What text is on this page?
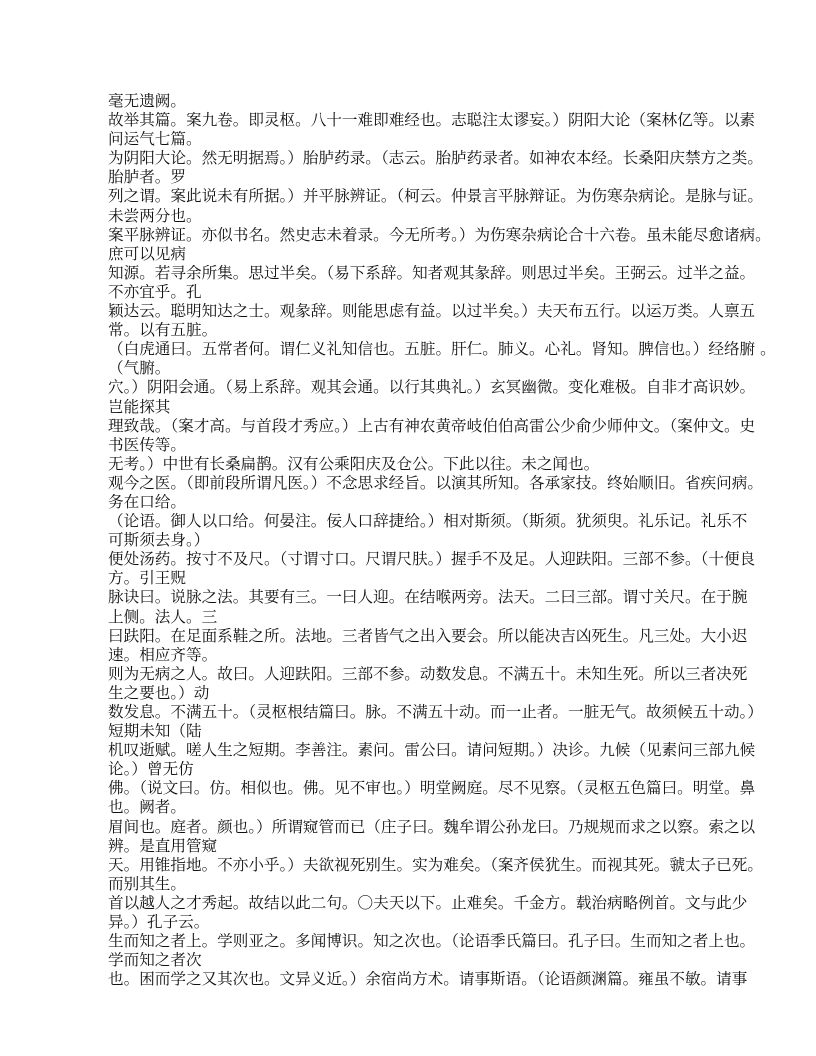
毫无遗阙。
故举其篇。案九卷。即灵枢。八十一难即难经也。志聪注太谬妄。）阴阳大论（案林亿等。以素
问运气七篇。
为阴阳大论。然无明据焉。）胎胪药录。（志云。胎胪药录者。如神农本经。长桑阳庆禁方之类。
胎胪者。罗
列之谓。案此说未有所据。）并平脉辨证。（柯云。仲景言平脉辩证。为伤寒杂病论。是脉与证。
未尝两分也。
案平脉辨证。亦似书名。然史志未着录。今无所考。）为伤寒杂病论合十六卷。虽未能尽愈诸病。
庶可以见病
知源。若寻余所集。思过半矣。（易下系辞。知者观其彖辞。则思过半矣。王弼云。过半之益。
不亦宜乎。孔
颖达云。聪明知达之士。观彖辞。则能思虑有益。以过半矣。）夫天布五行。以运万类。人禀五
常。以有五脏。
（白虎通曰。五常者何。谓仁义礼知信也。五脏。肝仁。肺义。心礼。肾知。脾信也。）经络腑 。
（气腑。
穴。）阴阳会通。（易上系辞。观其会通。以行其典礼。）玄冥幽微。变化难极。自非才高识妙。
岂能探其
理致哉。（案才高。与首段才秀应。）上古有神农黄帝岐伯伯高雷公少俞少师仲文。（案仲文。史
书医传等。
无考。）中世有长桑扁鹊。汉有公乘阳庆及仓公。下此以往。未之闻也。
观今之医。（即前段所谓凡医。）不念思求经旨。以演其所知。各承家技。终始顺旧。省疾问病。
务在口给。
（论语。御人以口给。何晏注。佞人口辞捷给。）相对斯须。（斯须。犹须臾。礼乐记。礼乐不
可斯须去身。）
便处汤药。按寸不及尺。（寸谓寸口。尺谓尺肤。）握手不及足。人迎趺阳。三部不参。（十便良
方。引王贶
脉诀曰。说脉之法。其要有三。一曰人迎。在结喉两旁。法天。二曰三部。谓寸关尺。在于腕
上侧。法人。三
曰趺阳。在足面系鞋之所。法地。三者皆气之出入要会。所以能决吉凶死生。凡三处。大小迟
速。相应齐等。
则为无病之人。故曰。人迎趺阳。三部不参。动数发息。不满五十。未知生死。所以三者决死
生之要也。）动
数发息。不满五十。（灵枢根结篇曰。脉。不满五十动。而一止者。一脏无气。故须候五十动。）
短期未知（陆
机叹逝赋。嗟人生之短期。李善注。素问。雷公曰。请问短期。）决诊。九候（见素问三部九候
论。）曾无仿
佛。（说文曰。仿。相似也。佛。见不审也。）明堂阙庭。尽不见察。（灵枢五色篇曰。明堂。鼻
也。阙者。
眉间也。庭者。颜也。）所谓窥管而已（庄子曰。魏牟谓公孙龙曰。乃规规而求之以察。索之以
辨。是直用管窥
天。用锥指地。不亦小乎。）夫欲视死别生。实为难矣。（案齐侯犹生。而视其死。虢太子已死。
而别其生。
首以越人之才秀起。故结以此二句。〇夫天以下。止难矣。千金方。载治病略例首。文与此少
异。）孔子云。
生而知之者上。学则亚之。多闻博识。知之次也。（论语季氏篇曰。孔子曰。生而知之者上也。
学而知之者次
也。困而学之又其次也。文异义近。）余宿尚方术。请事斯语。（论语颜渊篇。雍虽不敏。请事
